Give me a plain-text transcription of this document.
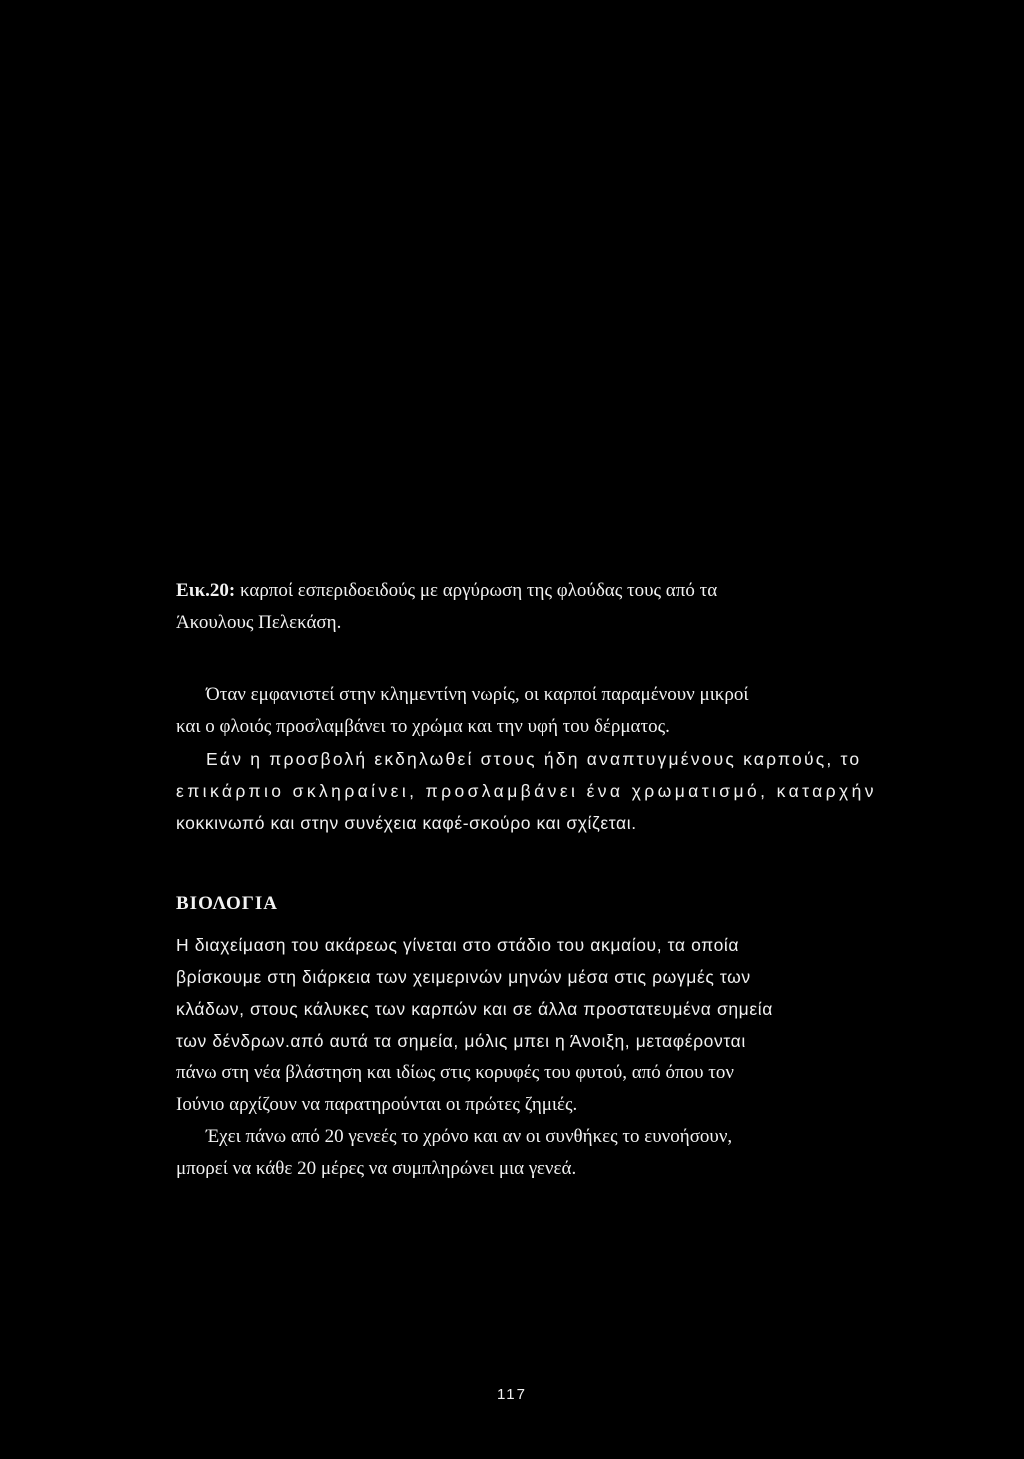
Εικ.20: καρποί εσπεριδοειδούς με αργύρωση της φλούδας τους από τα
Άκουλους Πελεκάση.
Όταν εμφανιστεί στην κλημεντίνη νωρίς, οι καρποί παραμένουν μικροί
και ο φλοιός προσλαμβάνει το χρώμα και την υφή του δέρματος.
Εάν η προσβολή εκδηλωθεί στους ήδη αναπτυγμένους καρπούς, το
επικάρπιο σκληραίνει, προσλαμβάνει ένα χρωματισμό, καταρχήν
κοκκινωπό και στην συνέχεια καφέ-σκούρο και σχίζεται.
ΒΙΟΛΟΓΙΑ
Η διαχείμαση του ακάρεως γίνεται στο στάδιο του ακμαίου, τα οποία
βρίσκουμε στη διάρκεια των χειμερινών μηνών μέσα στις ρωγμές των
κλάδων, στους κάλυκες των καρπών και σε άλλα προστατευμένα σημεία
των δένδρων.από αυτά τα σημεία, μόλις μπει η Άνοιξη, μεταφέρονται
πάνω στη νέα βλάστηση και ιδίως στις κορυφές του φυτού, από όπου τον
Ιούνιο αρχίζουν να παρατηρούνται οι πρώτες ζημιές.
Έχει πάνω από 20 γενεές το χρόνο και αν οι συνθήκες το ευνοήσουν,
μπορεί να κάθε 20 μέρες να συμπληρώνει μια γενεά.
117
